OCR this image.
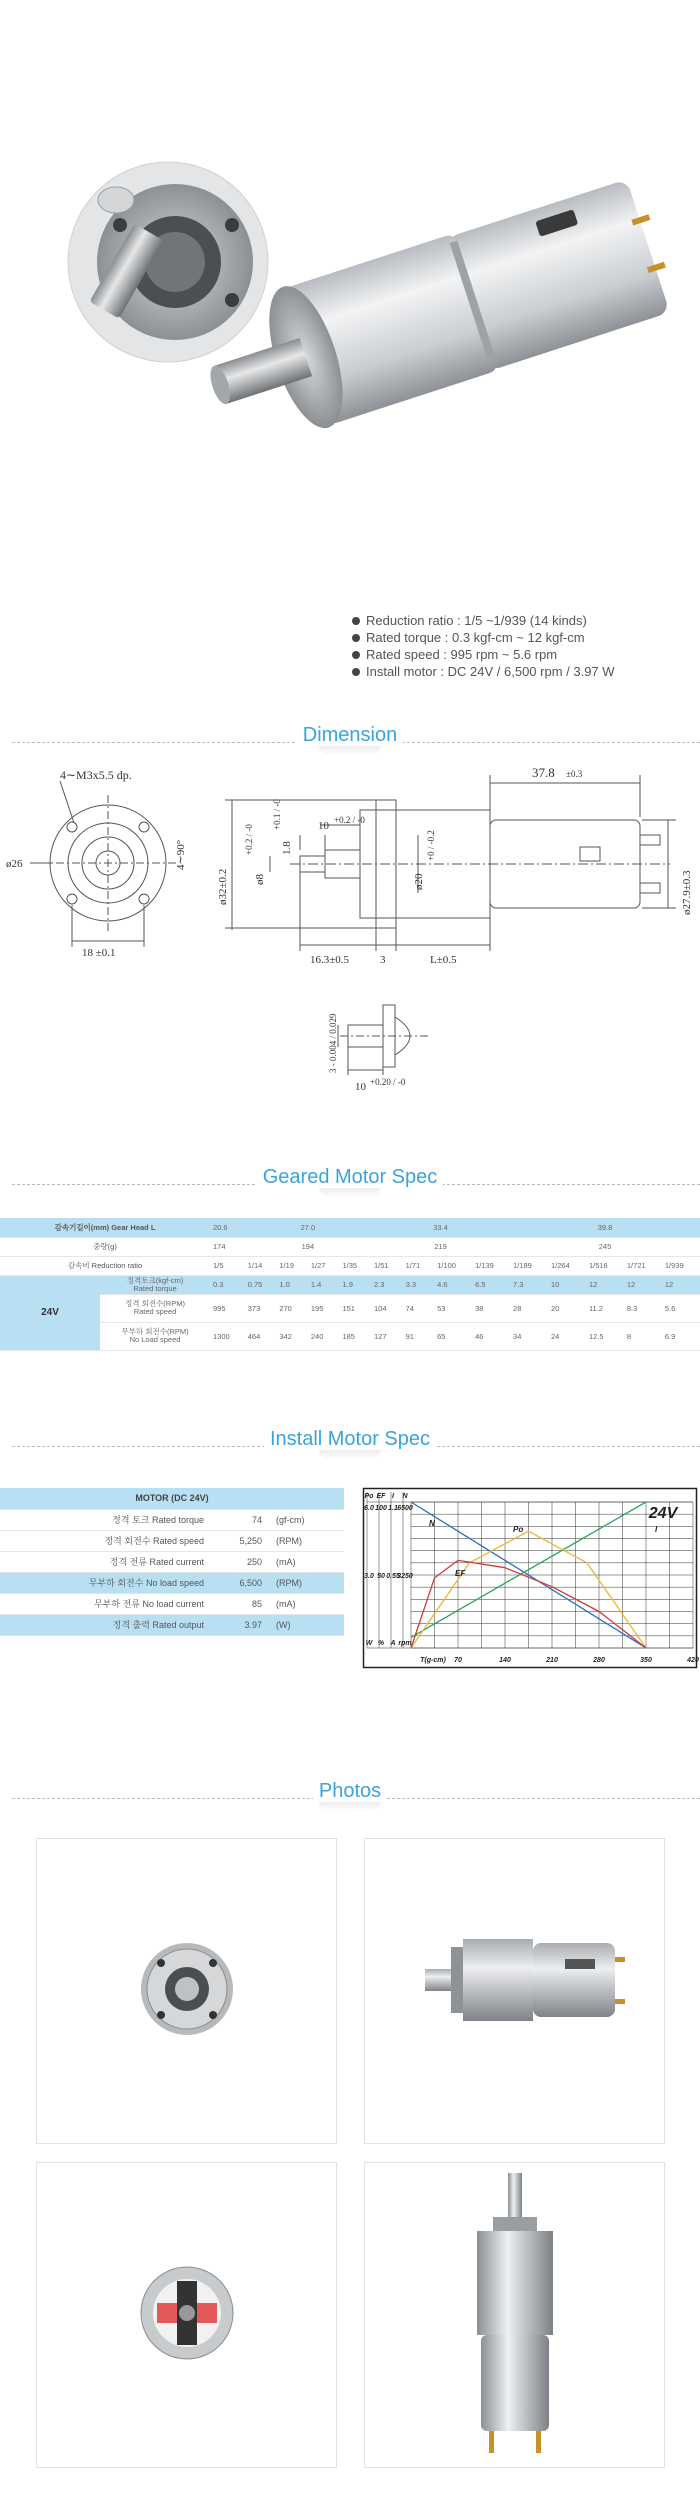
Reduction ratio : 1/5 ~1/939 (14 kinds)
Rated torque : 0.3 kgf-cm ~ 12 kgf-cm
Rated speed : 995 rpm ~ 5.6 rpm
Install motor : DC 24V / 6,500 rpm / 3.97 W
Dimension
4∼M3x5.5 dp.
ø26
18 ±0.1
4∼90°
ø32±0.2 ø8
+0.2 / -0	10 +0.2 / -0
1.8
+0.1 / -0
ø20
+0 / -0.2
16.3±0.5	3	L±0.5
37.8 ±0.3
ø27.9±0.3
3 - 0.004 / 0.029
10 +0.20 / -0
Geared Motor Spec
감속기길이(mm) Gear Head L		20.6	27.0				33.4				39.8				
중량(g)		174	194				219				245				
감속비 Reduction ratio		1/5	1/14	1/19	1/27	1/35	1/51	1/71	1/100	1/139	1/189	1/264	1/516	1/721	1/939
24V	정격토크(kgf-cm)
Rated torque	0.3	0.75	1.0	1.4	1.9	2.3	3.3	4.6	6.5	7.3	10	12	12	12
	정격 회전수(RPM)
Rated speed	995	373	270	195	151	104	74	53	38	28	20	11.2	8.3	5.6
	무부하 회전수(RPM)
No Load speed	1300	464	342	240	185	127	91	65	46	34	24	12.5	8	6.9
Install Motor Spec
MOTOR (DC 24V)		
정격 토크 Rated torque	74	(gf-cm)
정격 회전수 Rated speed	5,250	(RPM)
정격 전류 Rated current	250	(mA)
무부하 회전수 No load speed	6,500	(RPM)
무부하 전류 No load current	85	(mA)
정격 출력 Rated output	3.97	(W)
Po EF I N
6.0 100 1.1 6500
3.0 50 0.55
3250
W % A rpm
70	140	210	280	350	420
T(g-cm)
N
Po	I
EF
24V
Photos
